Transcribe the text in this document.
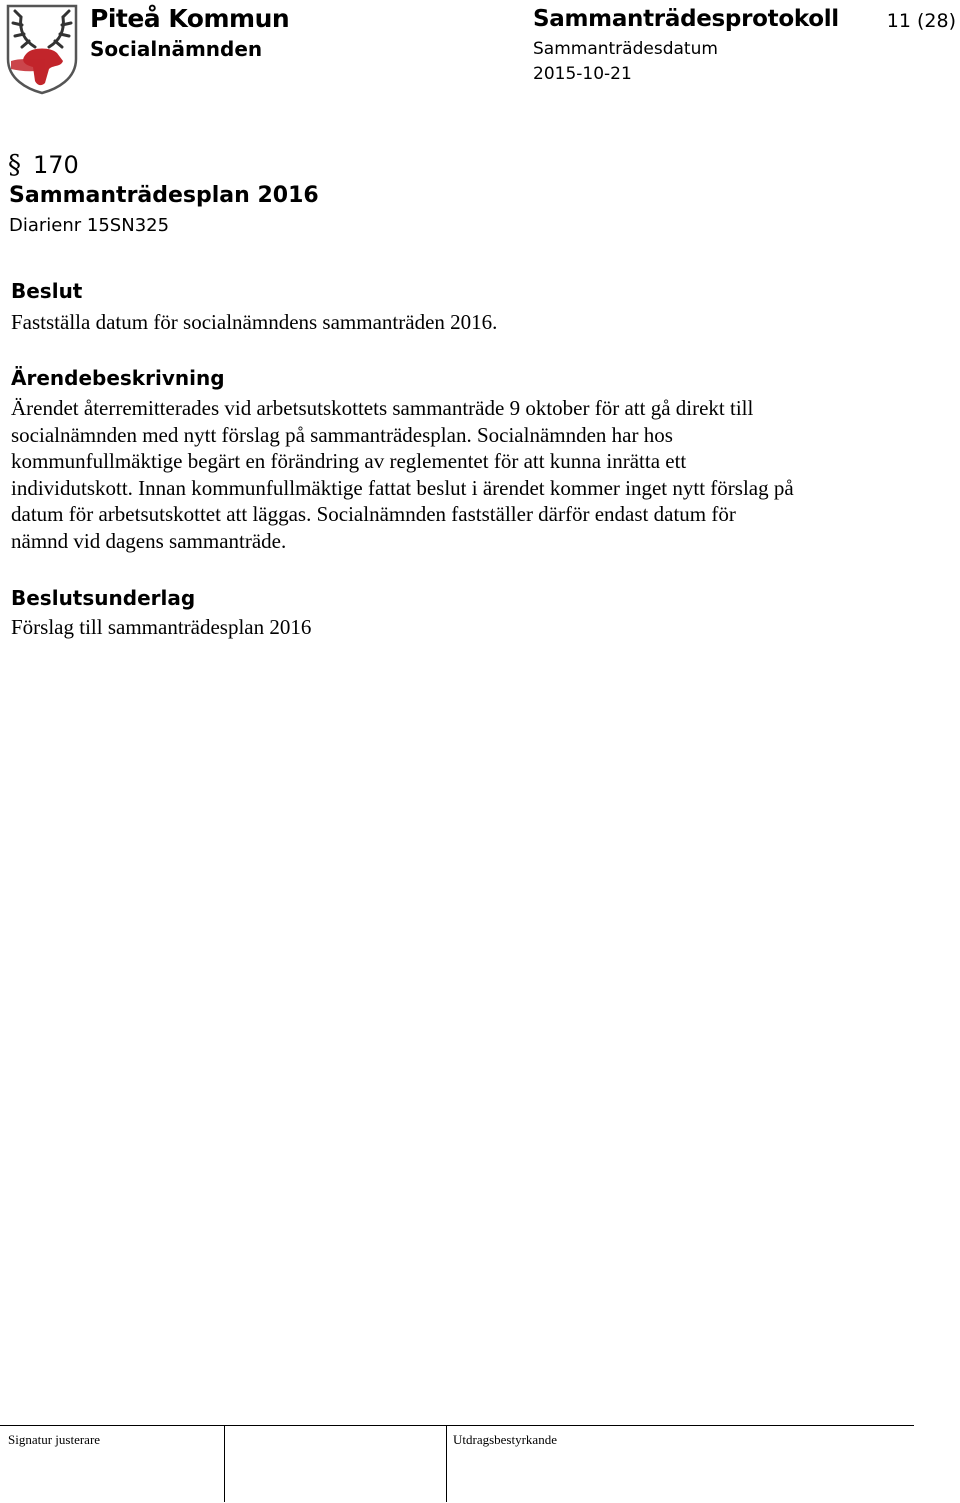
Piteå Kommun
Socialnämnden
Sammanträdesprotokoll	11 (28)
Sammanträdesdatum
2015-10-21
§ 170
Sammanträdesplan 2016
Diarienr 15SN325
Beslut

Fastställa datum för socialnämndens sammanträden 2016.

Ärendebeskrivning
Ärendet återremitterades vid arbetsutskottets sammanträde 9 oktober för att gå direkt till
socialnämnden med nytt förslag på sammanträdesplan. Socialnämnden har hos
kommunfullmäktige begärt en förändring av reglementet för att kunna inrätta ett
individutskott. Innan kommunfullmäktige fattat beslut i ärendet kommer inget nytt förslag på
datum för arbetsutskottet att läggas. Socialnämnden fastställer därför endast datum för
nämnd vid dagens sammanträde.
Beslutsunderlag

Förslag till sammanträdesplan 2016

Signatur justerare	Utdragsbestyrkande
